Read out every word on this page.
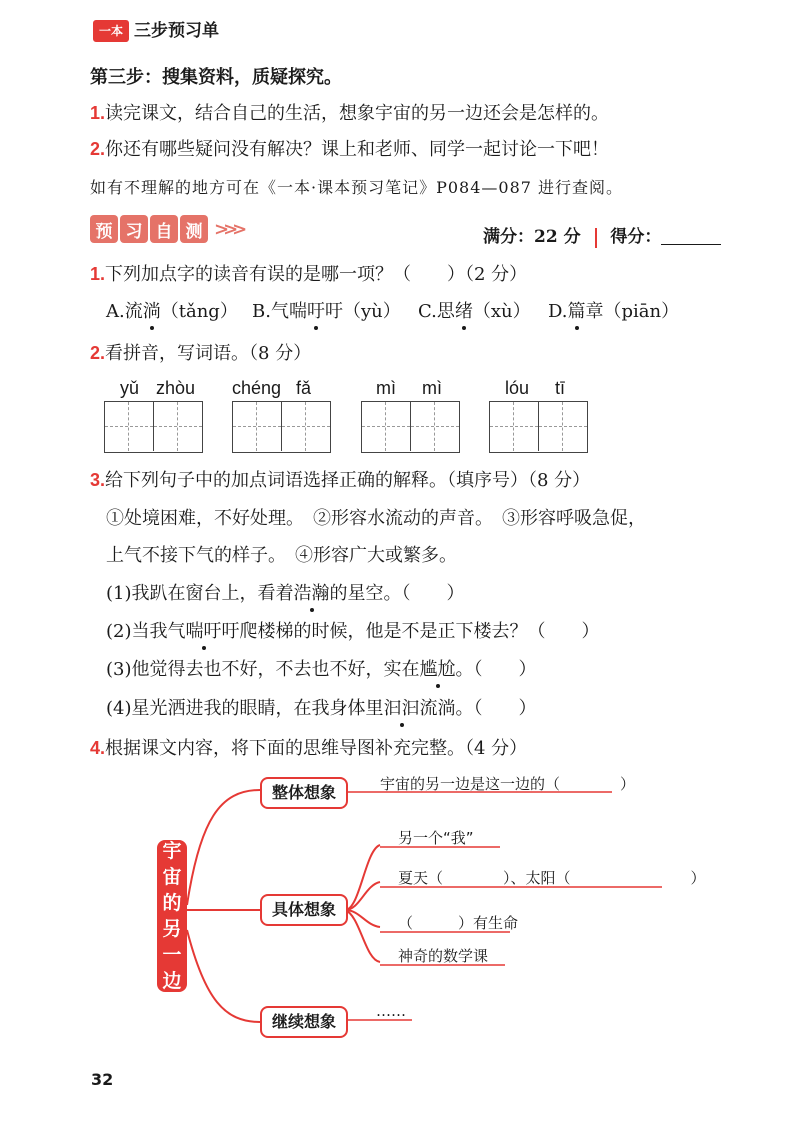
一本 三步预习单
第三步：搜集资料，质疑探究。
1.读完课文，结合自己的生活，想象宇宙的另一边还会是怎样的。
2.你还有哪些疑问没有解决？课上和老师、同学一起讨论一下吧！
如有不理解的地方可在《一本·课本预习笔记》P084—087 进行查阅。
预 习 自 测 >>>	满分：22 分 得分：
1.下列加点字的读音有误的是哪一项？（　　）（2 分）
A.流淌（tǎng） B.气喘吁吁（yù） C.思绪（xù） D.篇章（piān）
2.看拼音，写词语。（8 分）
yǔ zhòu chéng fǎ	mì mì	lóu tī
3.给下列句子中的加点词语选择正确的解释。（填序号）（8 分）
①处境困难，不好处理。　②形容水流动的声音。　③形容呼吸急促，
上气不接下气的样子。　④形容广大或繁多。
(1)我趴在窗台上，看着浩瀚的星空。（　　）
(2)当我气喘吁吁爬楼梯的时候，他是不是正下楼去？（　　）
(3)他觉得去也不好，不去也不好，实在尴尬。（　　）
(4)星光洒进我的眼睛，在我身体里汩汩流淌。（　　）
4.根据课文内容，将下面的思维导图补充完整。（4 分）
宇
宙
的
另
一
边
整体想象	宇宙的另一边是这一边的（　　　　）
具体想象
另一个“我”
夏天（　　　　）、太阳（　　　　　　　　）
（　　　）有生命
神奇的数学课
继续想象
……
32
